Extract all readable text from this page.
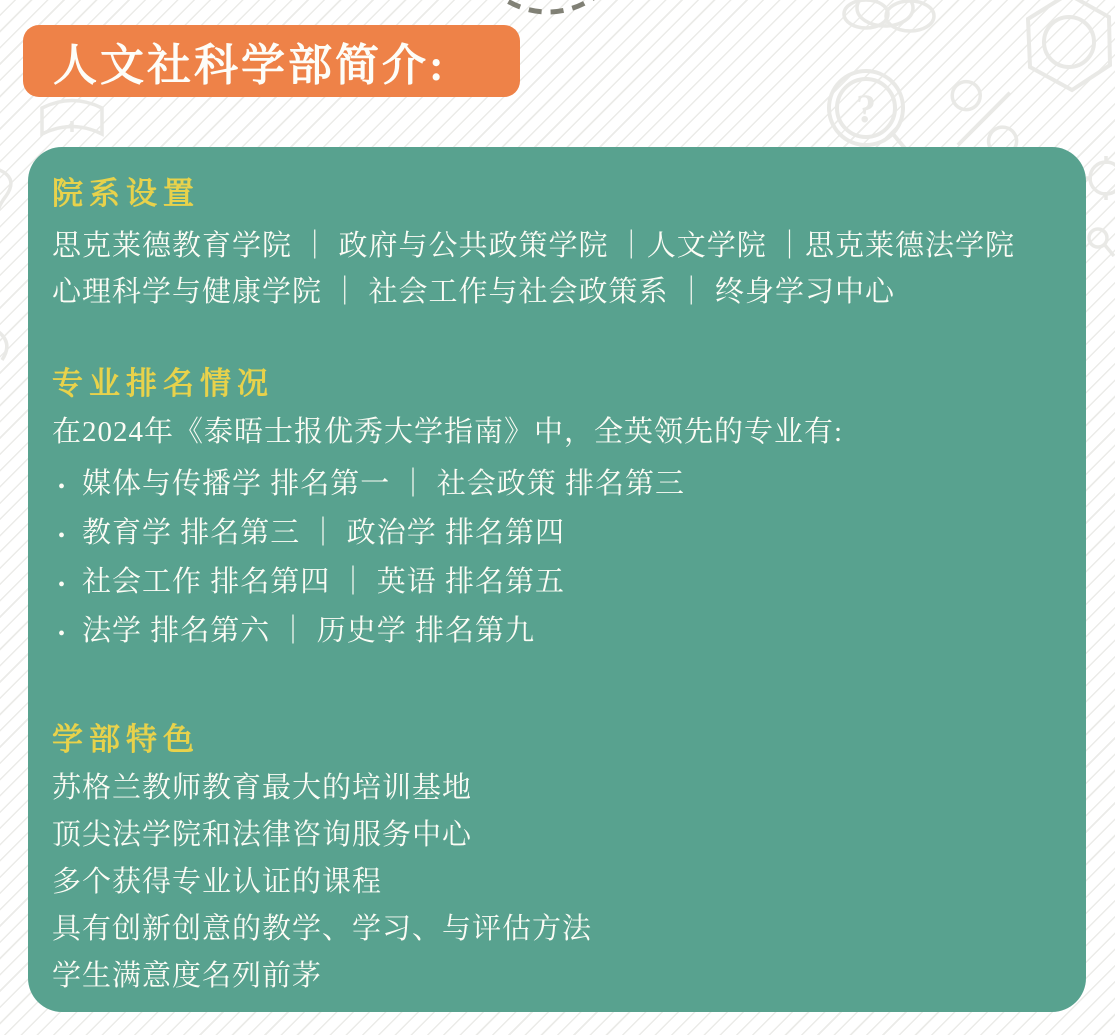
?
人文社科学部简介:
院系设置

思克莱德教育学院 ｜ 政府与公共政策学院 ｜人文学院 ｜思克莱德法学院

心理科学与健康学院 ｜ 社会工作与社会政策系 ｜ 终身学习中心

专业排名情况

在2024年《泰晤士报优秀大学指南》中，全英领先的专业有:

• 媒体与传播学 排名第一 ｜ 社会政策 排名第三
• 教育学 排名第三 ｜ 政治学 排名第四
• 社会工作 排名第四 ｜ 英语 排名第五
• 法学 排名第六 ｜ 历史学 排名第九
学部特色

苏格兰教师教育最大的培训基地

顶尖法学院和法律咨询服务中心

多个获得专业认证的课程

具有创新创意的教学、学习、与评估方法

学生满意度名列前茅
